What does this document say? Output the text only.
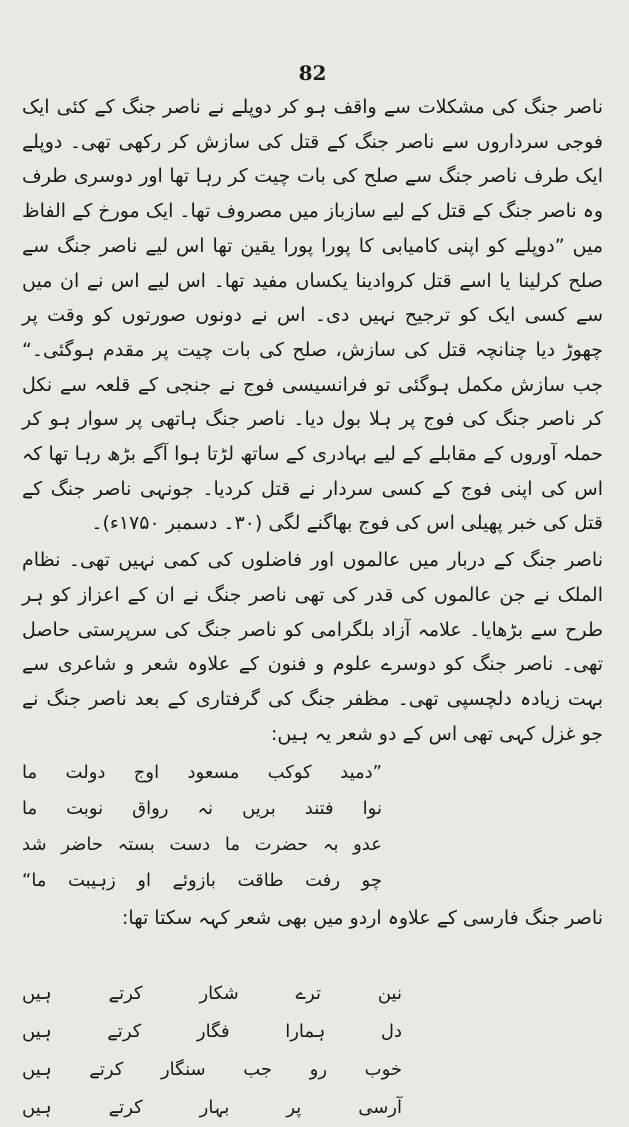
82

ناصر جنگ کی مشکلات سے واقف ہو کر دوپلے نے ناصر جنگ کے کئی ایک فوجی سرداروں سے ناصر جنگ کے قتل کی سازش کر رکھی تھی۔ دوپلے ایک طرف ناصر جنگ سے صلح کی بات چیت کر رہا تھا اور دوسری طرف وہ ناصر جنگ کے قتل کے لیے سازباز میں مصروف تھا۔ ایک مورخ کے الفاظ میں ”دوپلے کو اپنی کامیابی کا پورا پورا یقین تھا اس لیے ناصر جنگ سے صلح کرلینا یا اسے قتل کروادینا یکساں مفید تھا۔ اس لیے اس نے ان میں سے کسی ایک کو ترجیح نہیں دی۔ اس نے دونوں صورتوں کو وقت پر چھوڑ دیا چنانچہ قتل کی سازش، صلح کی بات چیت پر مقدم ہوگئی۔“ جب سازش مکمل ہوگئی تو فرانسیسی فوج نے جنجی کے قلعہ سے نکل کر ناصر جنگ کی فوج پر ہلا بول دیا۔ ناصر جنگ ہاتھی پر سوار ہو کر حملہ آوروں کے مقابلے کے لیے بہادری کے ساتھ لڑتا ہوا آگے بڑھ رہا تھا کہ اس کی اپنی فوج کے کسی سردار نے قتل کردیا۔ جونہی ناصر جنگ کے قتل کی خبر پھیلی اس کی فوج بھاگنے لگی (۳۰۔ دسمبر ۱۷۵۰ء)۔

ناصر جنگ کے دربار میں عالموں اور فاضلوں کی کمی نہیں تھی۔ نظام الملک نے جن عالموں کی قدر کی تھی ناصر جنگ نے ان کے اعزاز کو ہر طرح سے بڑھایا۔ علامہ آزاد بلگرامی کو ناصر جنگ کی سرپرستی حاصل تھی۔ ناصر جنگ کو دوسرے علوم و فنون کے علاوہ شعر و شاعری سے بہت زیادہ دلچسپی تھی۔ مظفر جنگ کی گرفتاری کے بعد ناصر جنگ نے جو غزل کہی تھی اس کے دو شعر یہ ہیں:

”دمید کوکب مسعود اوج دولت ما
نوا فتند بریں نہ رواق نوبت ما
عدو بہ حضرت ما دست بستہ حاضر شد
چو رفت طاقت بازوئے او زہیبت ما“
ناصر جنگ فارسی کے علاوہ اردو میں بھی شعر کہہ سکتا تھا:
نین ترے شکار کرتے ہیں
دل ہمارا فگار کرتے ہیں
خوب رو جب سنگار کرتے ہیں
آرسی پر بہار کرتے ہیں
